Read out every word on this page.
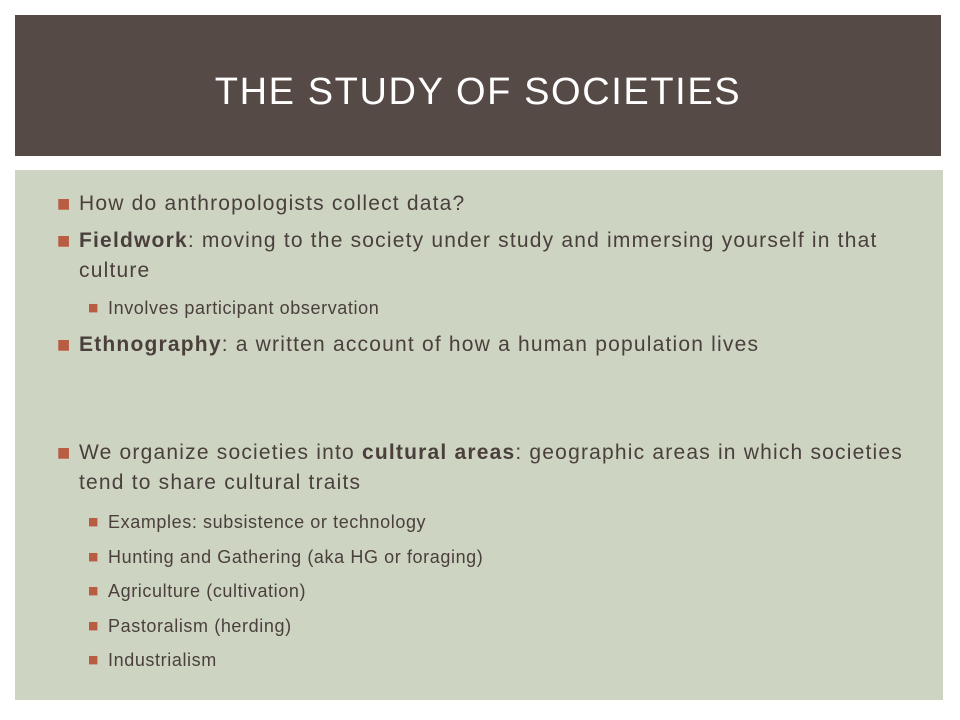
THE STUDY OF SOCIETIES
■ How do anthropologists collect data?
■ Fieldwork: moving to the society under study and immersing yourself in that culture
■ Involves participant observation
■ Ethnography: a written account of how a human population lives
■ We organize societies into cultural areas: geographic areas in which societies tend to share cultural traits
■ Examples: subsistence or technology
■ Hunting and Gathering (aka HG or foraging)
■ Agriculture (cultivation)
■ Pastoralism (herding)
■ Industrialism
